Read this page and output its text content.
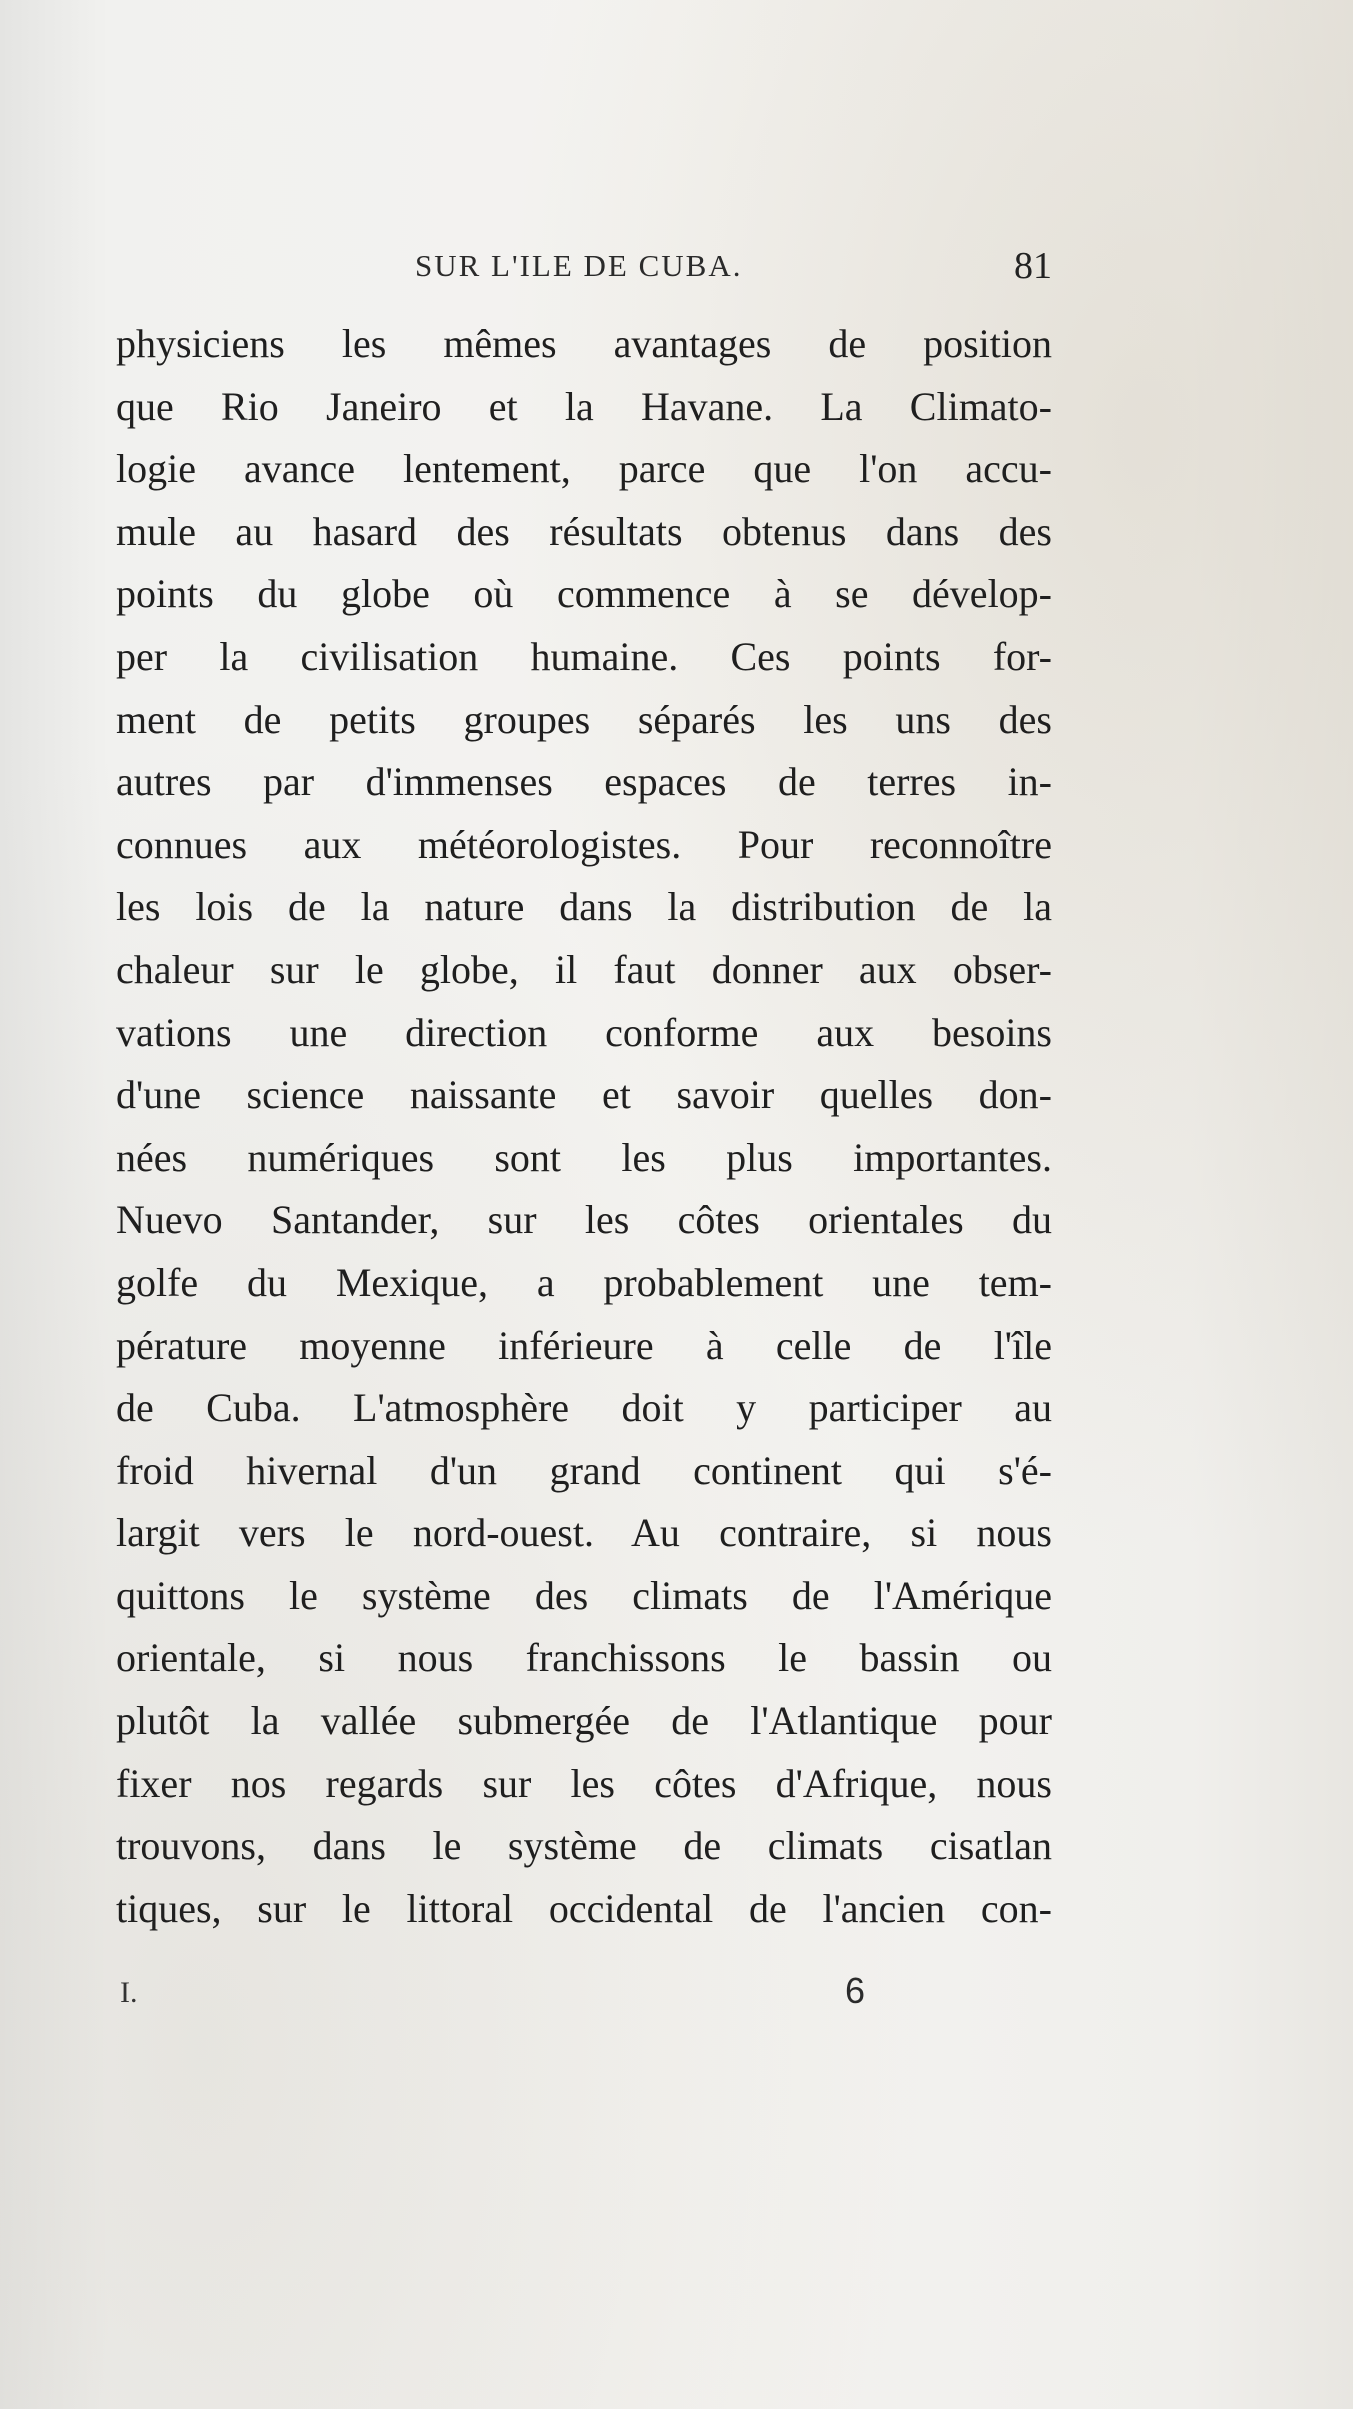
SUR L'ILE DE CUBA.	81
physiciens les mêmes avantages de position
que Rio Janeiro et la Havane. La Climato-
logie avance lentement, parce que l'on accu-
mule au hasard des résultats obtenus dans des
points du globe où commence à se dévelop-
per la civilisation humaine. Ces points for-
ment de petits groupes séparés les uns des
autres par d'immenses espaces de terres in-
connues aux météorologistes. Pour reconnoître
les lois de la nature dans la distribution de la
chaleur sur le globe, il faut donner aux obser-
vations une direction conforme aux besoins
d'une science naissante et savoir quelles don-
nées numériques sont les plus importantes.
Nuevo Santander, sur les côtes orientales du
golfe du Mexique, a probablement une tem-
pérature moyenne inférieure à celle de l'île
de Cuba. L'atmosphère doit y participer au
froid hivernal d'un grand continent qui s'é-
largit vers le nord-ouest. Au contraire, si nous
quittons le système des climats de l'Amérique
orientale, si nous franchissons le bassin ou
plutôt la vallée submergée de l'Atlantique pour
fixer nos regards sur les côtes d'Afrique, nous
trouvons, dans le système de climats cisatlan
tiques, sur le littoral occidental de l'ancien con-
I.	6
